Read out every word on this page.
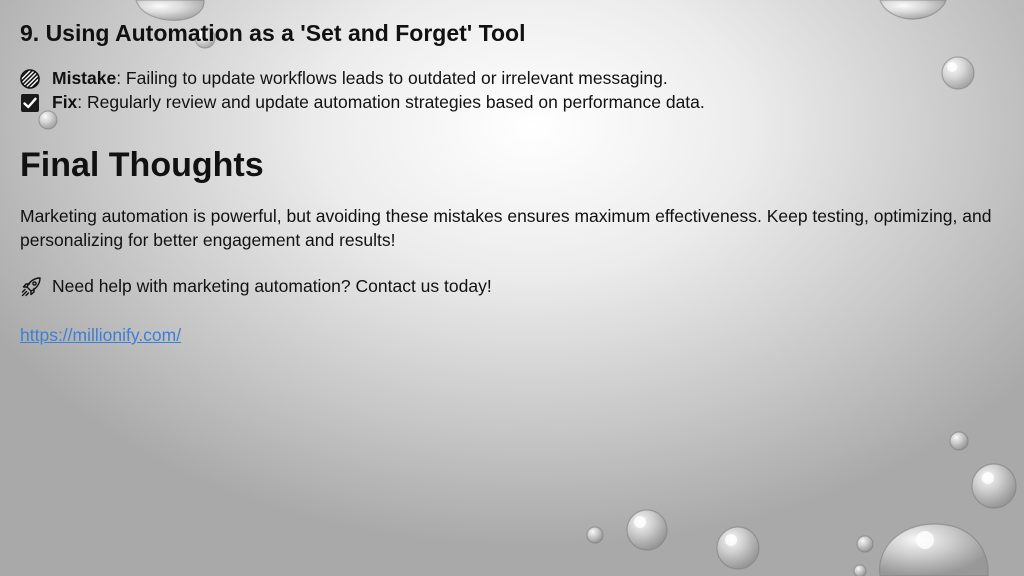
9. Using Automation as a 'Set and Forget' Tool
Mistake : Failing to update workflows leads to outdated or irrelevant messaging.
Fix : Regularly review and update automation strategies based on performance data.
Final Thoughts
Marketing automation is powerful, but avoiding these mistakes ensures maximum effectiveness. Keep testing, optimizing, and personalizing for better engagement and results!
Need help with marketing automation? Contact us today!
https://millionify.com/
